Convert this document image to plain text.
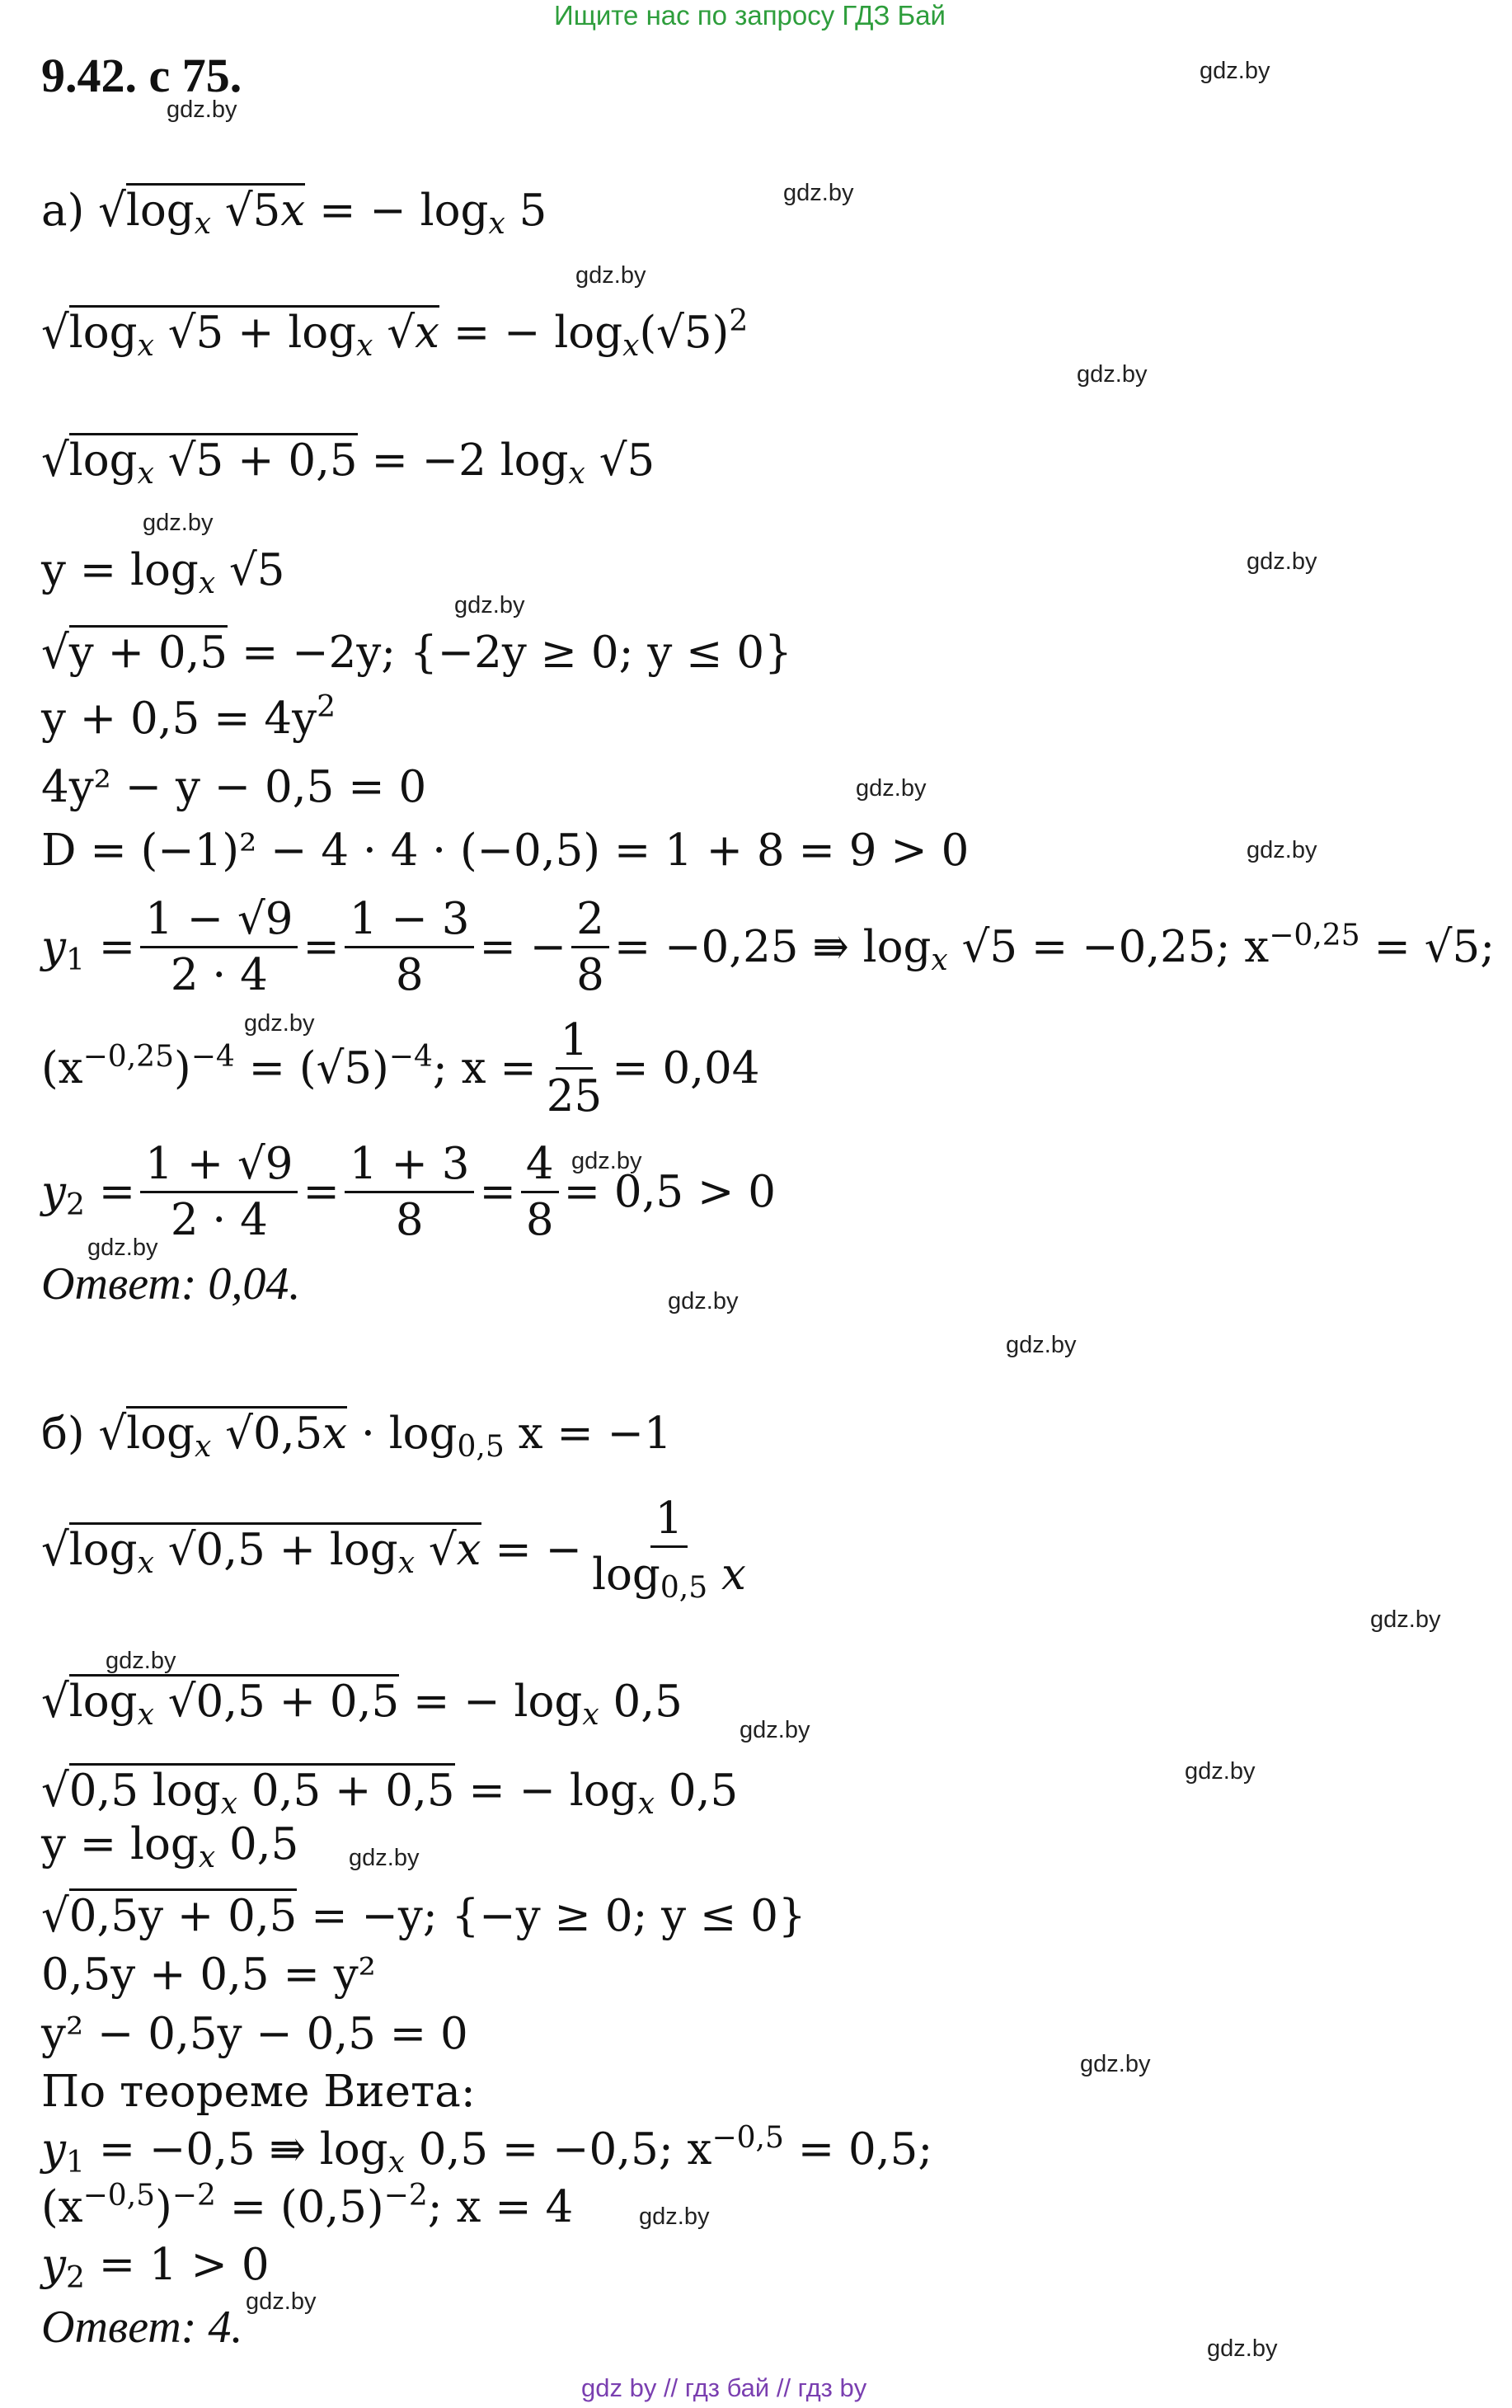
Ищите нас по запросу ГДЗ Бай
9.42. с 75.	gdz.by
gdz.by
gdz.by
gdz.by
gdz.by
gdz.by
gdz.by
gdz.by
gdz.by
gdz.by
gdz.by
gdz.by
gdz.by
gdz.by
gdz.by
gdz.by
gdz.by
gdz.by
gdz.by
gdz.by
gdz.by
gdz.by
gdz.by
gdz.by
а) $√\log_x$ √5x = − $\log_x 5$
$√\log_x$ $√5 + \log_x √x$ = − $\log_x(√5)^2$
$√\log_x$ √5 + 0,5 = −2 $\log_x √5$
$y = \log_x √5$
√y + 0,5 = −2y; {−2y ≥ 0; y ≤ 0}
$y + 0,5 = 4y^2$
4y² − y − 0,5 = 0
D = (−1)² − 4 · 4 · (−0,5) = 1 + 8 = 9 > 0
$y_1 = \frac{1 - √9}{2 \cdot 4} = \frac{1 - 3}{8}$ = − $\frac{2}{8} = -0,25$ ⇛ $\log_x √5 = -0,25$; $x^{-0,25} = √5$;
$(x^{-0,25})^{-4} = (√5)^{-4}$; $x = \frac{1}{25} = 0,04$
$y_2 = \frac{1 + √9}{2 \cdot 4} = \frac{1 + 3}{8} = \frac{4}{8} = 0,5 > 0$
Ответ: 0,04.
б) $√\log_x$ $√0,5x \cdot \log_{0,5} x = -1$
$√\log_x$ $√0,5 + \log_x √x$ = − $\frac{1}{\log_{0,5} x}$
$√\log_x$ √0,5 + 0,5 = − $\log_x 0,5$
√0,5 $\log_x 0,5 + 0,5$ = − $\log_x 0,5$
$y = \log_x 0,5$
√0,5y + 0,5 = −y; {−y ≥ 0; y ≤ 0}
0,5y + 0,5 = y²
y² − 0,5y − 0,5 = 0
По теореме Виета:
$y_1 = -0,5$ ⇛ $\log_x 0,5 = -0,5$; $x^{-0,5} = 0,5$;
$(x^{-0,5})^{-2} = (0,5)^{-2}$; x = 4
$y_2 = 1 > 0$
Ответ: 4.
gdz by // гдз бай // гдз by
